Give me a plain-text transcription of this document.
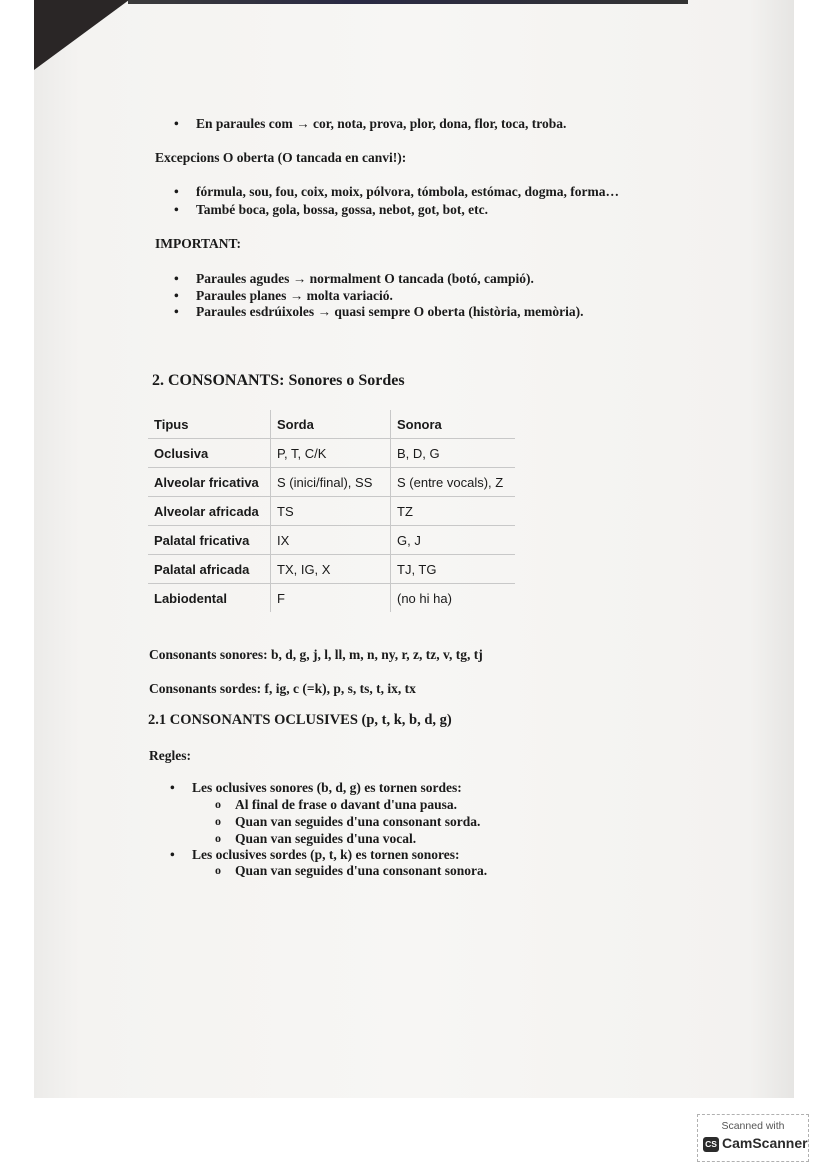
• En paraules com → cor, nota, prova, plor, dona, flor, toca, troba.
Excepcions O oberta (O tancada en canvi!):
• fórmula, sou, fou, coix, moix, pólvora, tómbola, estómac, dogma, forma…
• També boca, gola, bossa, gossa, nebot, got, bot, etc.
IMPORTANT:
• Paraules agudes → normalment O tancada (botó, campió).
• Paraules planes → molta variació.
• Paraules esdrúixoles → quasi sempre O oberta (història, memòria).
2. CONSONANTS: Sonores o Sordes
Tipus	Sorda	Sonora
Oclusiva	P, T, C/K	B, D, G
Alveolar fricativa	S (inici/final), SS	S (entre vocals), Z
Alveolar africada	TS	TZ
Palatal fricativa	IX	G, J
Palatal africada	TX, IG, X	TJ, TG
Labiodental	F	(no hi ha)
Consonants sonores: b, d, g, j, l, ll, m, n, ny, r, z, tz, v, tg, tj
Consonants sordes: f, ig, c (=k), p, s, ts, t, ix, tx
2.1 CONSONANTS OCLUSIVES (p, t, k, b, d, g)
Regles:
• Les oclusives sonores (b, d, g) es tornen sordes:
o Al final de frase o davant d'una pausa.
o Quan van seguides d'una consonant sorda.
o Quan van seguides d'una vocal.
• Les oclusives sordes (p, t, k) es tornen sonores:
o Quan van seguides d'una consonant sonora.
Scanned with
CS CamScanner
